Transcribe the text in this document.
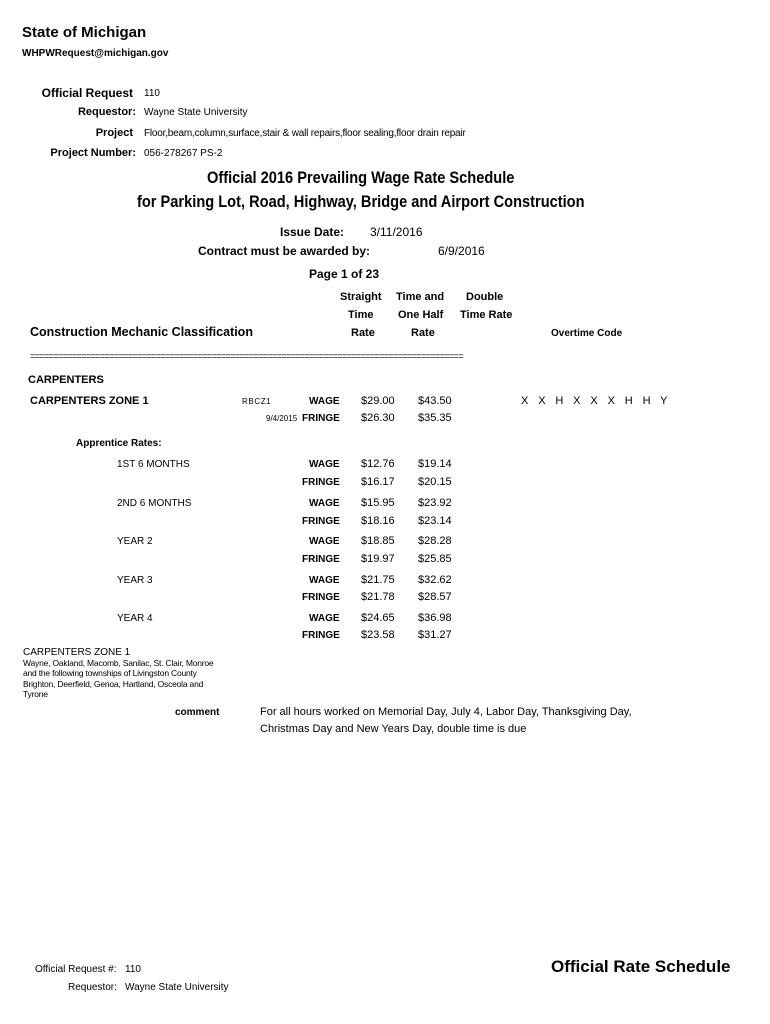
State of Michigan
WHPWRequest@michigan.gov
Official Request 110
Requestor: Wayne State University
Project Floor,beam,column,surface,stair & wall repairs,floor sealing,floor drain repair
Project Number: 056-278267 PS-2
Official 2016 Prevailing Wage Rate Schedule
for Parking Lot, Road, Highway, Bridge and Airport Construction
Issue Date: 3/11/2016
Contract must be awarded by:	6/9/2016
Page 1 of 23
Construction Mechanic Classification
Straight
Time
Rate
Time and
One Half
Rate
Double
Time Rate
Overtime Code
=============================================================================================
CARPENTERS
CARPENTERS ZONE 1	RBCZ1	WAGE $29.00 $43.50	X X H X X X H H Y
9/4/2015 FRINGE $26.30 $35.35
Apprentice Rates:
1ST 6 MONTHS	WAGE $12.76 $19.14
FRINGE $16.17 $20.15
2ND 6 MONTHS	WAGE $15.95 $23.92
FRINGE $18.16 $23.14
YEAR 2	WAGE $18.85 $28.28
FRINGE $19.97 $25.85
YEAR 3	WAGE $21.75 $32.62
FRINGE $21.78 $28.57
YEAR 4	WAGE $24.65 $36.98
FRINGE $23.58 $31.27
CARPENTERS ZONE 1
Wayne, Oakland, Macomb, Sanilac, St. Clair, Monroe
and the following townships of Livingston County
Brighton, Deerfield, Genoa, Hartland, Osceola and
Tyrone
comment	For all hours worked on Memorial Day, July 4, Labor Day, Thanksgiving Day,
Christmas Day and New Years Day, double time is due
Official Request #: 110
Requestor: Wayne State University
Official Rate Schedule
